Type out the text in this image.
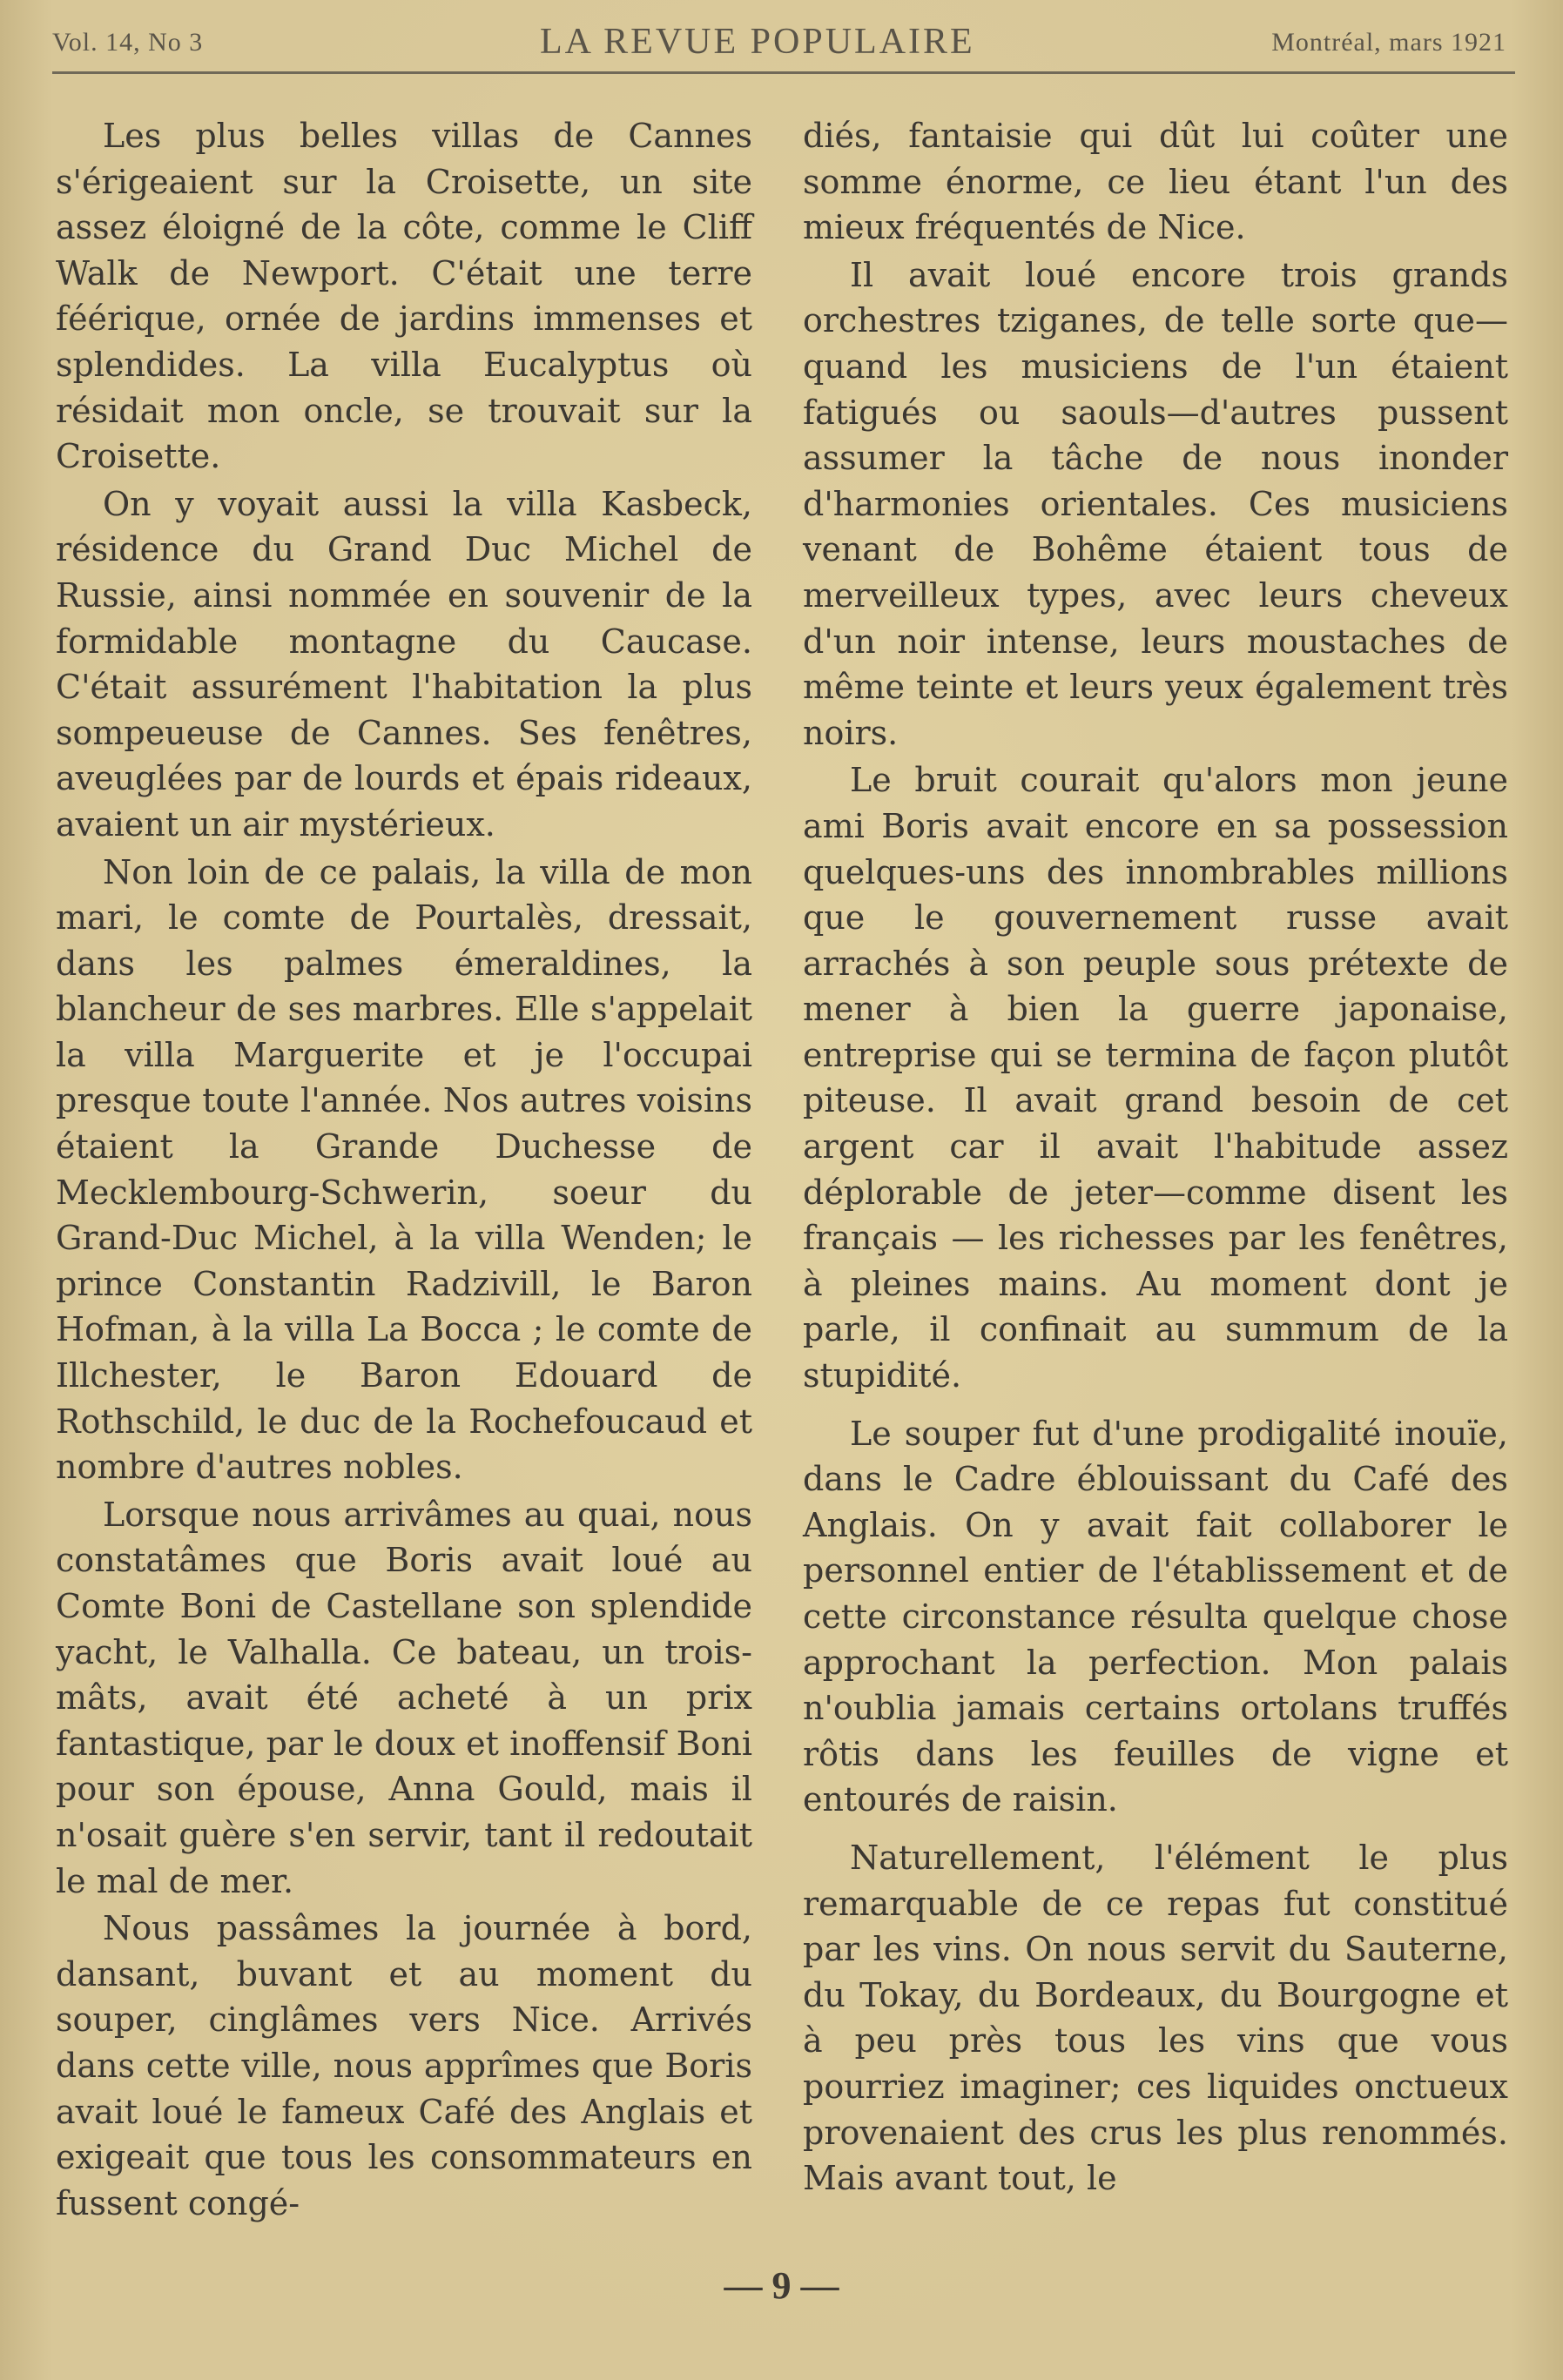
Vol. 14, No 3	LA REVUE POPULAIRE	Montréal, mars 1921

Les plus belles villas de Cannes s'érigeaient sur la Croisette, un site assez éloigné de la côte, comme le Cliff Walk de Newport. C'était une terre féérique, ornée de jardins immenses et splendides. La villa Eucalyptus où résidait mon oncle, se trouvait sur la Croisette.

On y voyait aussi la villa Kasbeck, résidence du Grand Duc Michel de Russie, ainsi nommée en souvenir de la formidable montagne du Caucase. C'était assurément l'habitation la plus sompeueuse de Cannes. Ses fenêtres, aveuglées par de lourds et épais rideaux, avaient un air mystérieux.

Non loin de ce palais, la villa de mon mari, le comte de Pourtalès, dressait, dans les palmes émeraldines, la blancheur de ses marbres. Elle s'appelait la villa Marguerite et je l'occupai presque toute l'année. Nos autres voisins étaient la Grande Duchesse de Mecklembourg-Schwerin, soeur du Grand-Duc Michel, à la villa Wenden; le prince Constantin Radzivill, le Baron Hofman, à la villa La Bocca ; le comte de Illchester, le Baron Edouard de Rothschild, le duc de la Rochefoucaud et nombre d'autres nobles.

Lorsque nous arrivâmes au quai, nous constatâmes que Boris avait loué au Comte Boni de Castellane son splendide yacht, le Valhalla. Ce bateau, un trois-mâts, avait été acheté à un prix fantastique, par le doux et inoffensif Boni pour son épouse, Anna Gould, mais il n'osait guère s'en servir, tant il redoutait le mal de mer.

Nous passâmes la journée à bord, dansant, buvant et au moment du souper, cinglâmes vers Nice. Arrivés dans cette ville, nous apprîmes que Boris avait loué le fameux Café des Anglais et exigeait que tous les consommateurs en fussent congé-

diés, fantaisie qui dût lui coûter une somme énorme, ce lieu étant l'un des mieux fréquentés de Nice.

Il avait loué encore trois grands orchestres tziganes, de telle sorte que—quand les musiciens de l'un étaient fatigués ou saouls—d'autres pussent assumer la tâche de nous inonder d'harmonies orientales. Ces musiciens venant de Bohême étaient tous de merveilleux types, avec leurs cheveux d'un noir intense, leurs moustaches de même teinte et leurs yeux également très noirs.

Le bruit courait qu'alors mon jeune ami Boris avait encore en sa possession quelques-uns des innombrables millions que le gouvernement russe avait arrachés à son peuple sous prétexte de mener à bien la guerre japonaise, entreprise qui se termina de façon plutôt piteuse. Il avait grand besoin de cet argent car il avait l'habitude assez déplorable de jeter—comme disent les français — les richesses par les fenêtres, à pleines mains. Au moment dont je parle, il confinait au summum de la stupidité.

Le souper fut d'une prodigalité inouïe, dans le Cadre éblouissant du Café des Anglais. On y avait fait collaborer le personnel entier de l'établissement et de cette circonstance résulta quelque chose approchant la perfection. Mon palais n'oublia jamais certains ortolans truffés rôtis dans les feuilles de vigne et entourés de raisin.

Naturellement, l'élément le plus remarquable de ce repas fut constitué par les vins. On nous servit du Sauterne, du Tokay, du Bordeaux, du Bourgogne et à peu près tous les vins que vous pourriez imaginer; ces liquides onctueux provenaient des crus les plus renommés. Mais avant tout, le

— 9 —
